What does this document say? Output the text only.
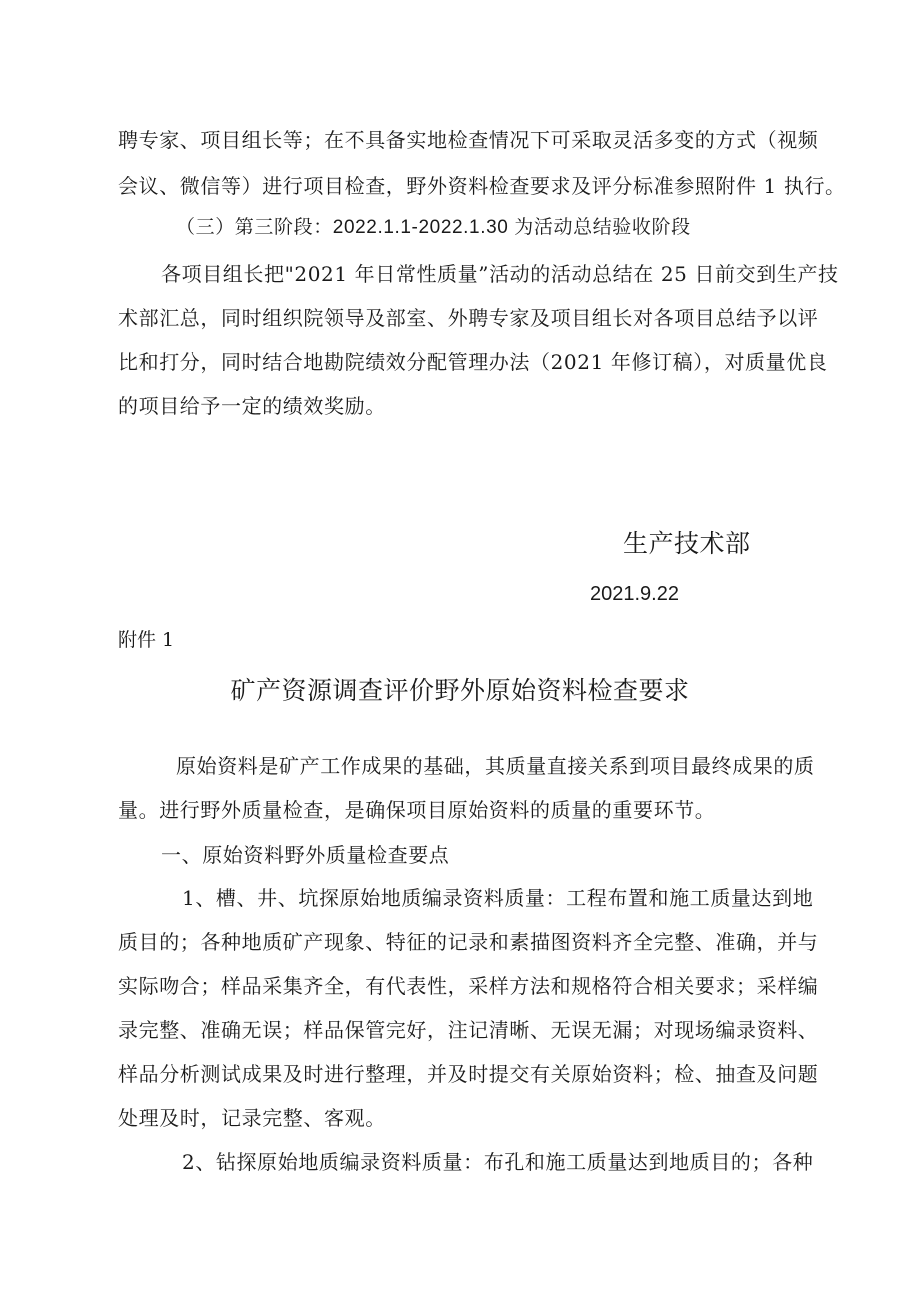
聘专家、项目组长等；在不具备实地检查情况下可采取灵活多变的方式（视频
会议、微信等）进行项目检查，野外资料检查要求及评分标准参照附件 1 执行。
（三）第三阶段：2022.1.1-2022.1.30 为活动总结验收阶段
各项目组长把"2021 年日常性质量”活动的活动总结在 25 日前交到生产技
术部汇总，同时组织院领导及部室、外聘专家及项目组长对各项目总结予以评
比和打分，同时结合地勘院绩效分配管理办法（2021 年修订稿），对质量优良
的项目给予一定的绩效奖励。
生产技术部
2021.9.22
附件 1
矿产资源调查评价野外原始资料检查要求
原始资料是矿产工作成果的基础，其质量直接关系到项目最终成果的质
量。进行野外质量检查，是确保项目原始资料的质量的重要环节。
一、原始资料野外质量检查要点
1、槽、井、坑探原始地质编录资料质量：工程布置和施工质量达到地
质目的；各种地质矿产现象、特征的记录和素描图资料齐全完整、准确，并与
实际吻合；样品采集齐全，有代表性，采样方法和规格符合相关要求；采样编
录完整、准确无误；样品保管完好，注记清晰、无误无漏；对现场编录资料、
样品分析测试成果及时进行整理，并及时提交有关原始资料；检、抽查及问题
处理及时，记录完整、客观。
2、钻探原始地质编录资料质量：布孔和施工质量达到地质目的；各种
